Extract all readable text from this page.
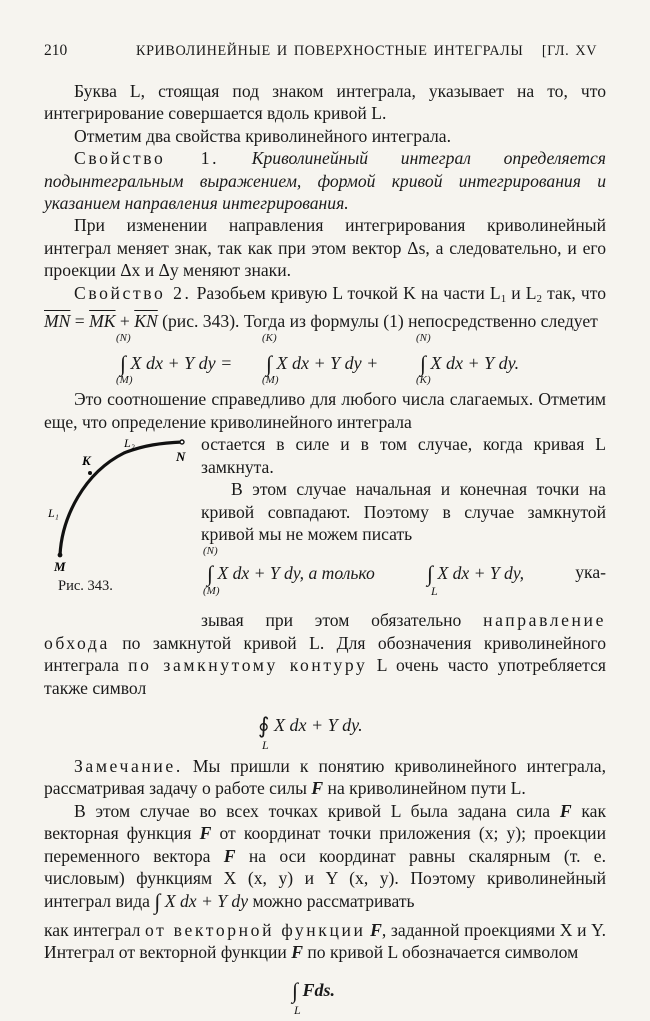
210	КРИВОЛИНЕЙНЫЕ И ПОВЕРХНОСТНЫЕ ИНТЕГРАЛЫ [ГЛ. XV

Буква L, стоящая под знаком интеграла, указывает на то, что интегрирование совершается вдоль кривой L.

Отметим два свойства криволинейного интеграла.

Свойство 1. Криволинейный интеграл определяется подынтегральным выражением, формой кривой интегрирования и указанием направления интегрирования.

При изменении направления интегрирования криволинейный интеграл меняет знак, так как при этом вектор Δs, а следовательно, и его проекции Δx и Δy меняют знаки.

Свойство 2. Разобьем кривую L точкой K на части $L_1$ и $L_2$ так, что $\overline{MN} = \overline{MK} + \overline{KN}$ (рис. 343). Тогда из формулы (1) непосредственно следует

(N)
(M)
(K)
(M)
(N)
(K)
∫ X dx + Y dy = ∫ X dx + Y dy + ∫ X dx + Y dy.

Это соотношение справедливо для любого числа слагаемых. Отметим еще, что определение криволинейного интеграла

K
L₂
N
L₁
M
Рис. 343.

остается в силе и в том случае, когда кривая L замкнута.

В этом случае начальная и конечная точки на кривой совпадают. Поэтому в случае замкнутой кривой мы не можем писать

(N)
(M)	L
∫ X dx + Y dy, а только ∫ X dx + Y dy,	ука-

зывая при этом обязательно направление обхода по замкнутой кривой L. Для обозначения криволинейного интеграла по замкнутому контуру L очень часто употребляется также символ

∮ X dx + Y dy.
L

Замечание. Мы пришли к понятию криволинейного интеграла, рассматривая задачу о работе силы F на криволинейном пути L.

В этом случае во всех точках кривой L была задана сила F как векторная функция F от координат точки приложения (x; y); проекции переменного вектора F на оси координат равны скалярным (т. е. числовым) функциям X (x, y) и Y (x, y). Поэтому криволинейный интеграл вида ∫ X dx + Y dy можно рассматривать

как интеграл от векторной функции F, заданной проекциями X и Y. Интеграл от векторной функции F по кривой L обозначается символом

∫ Fds.
L
